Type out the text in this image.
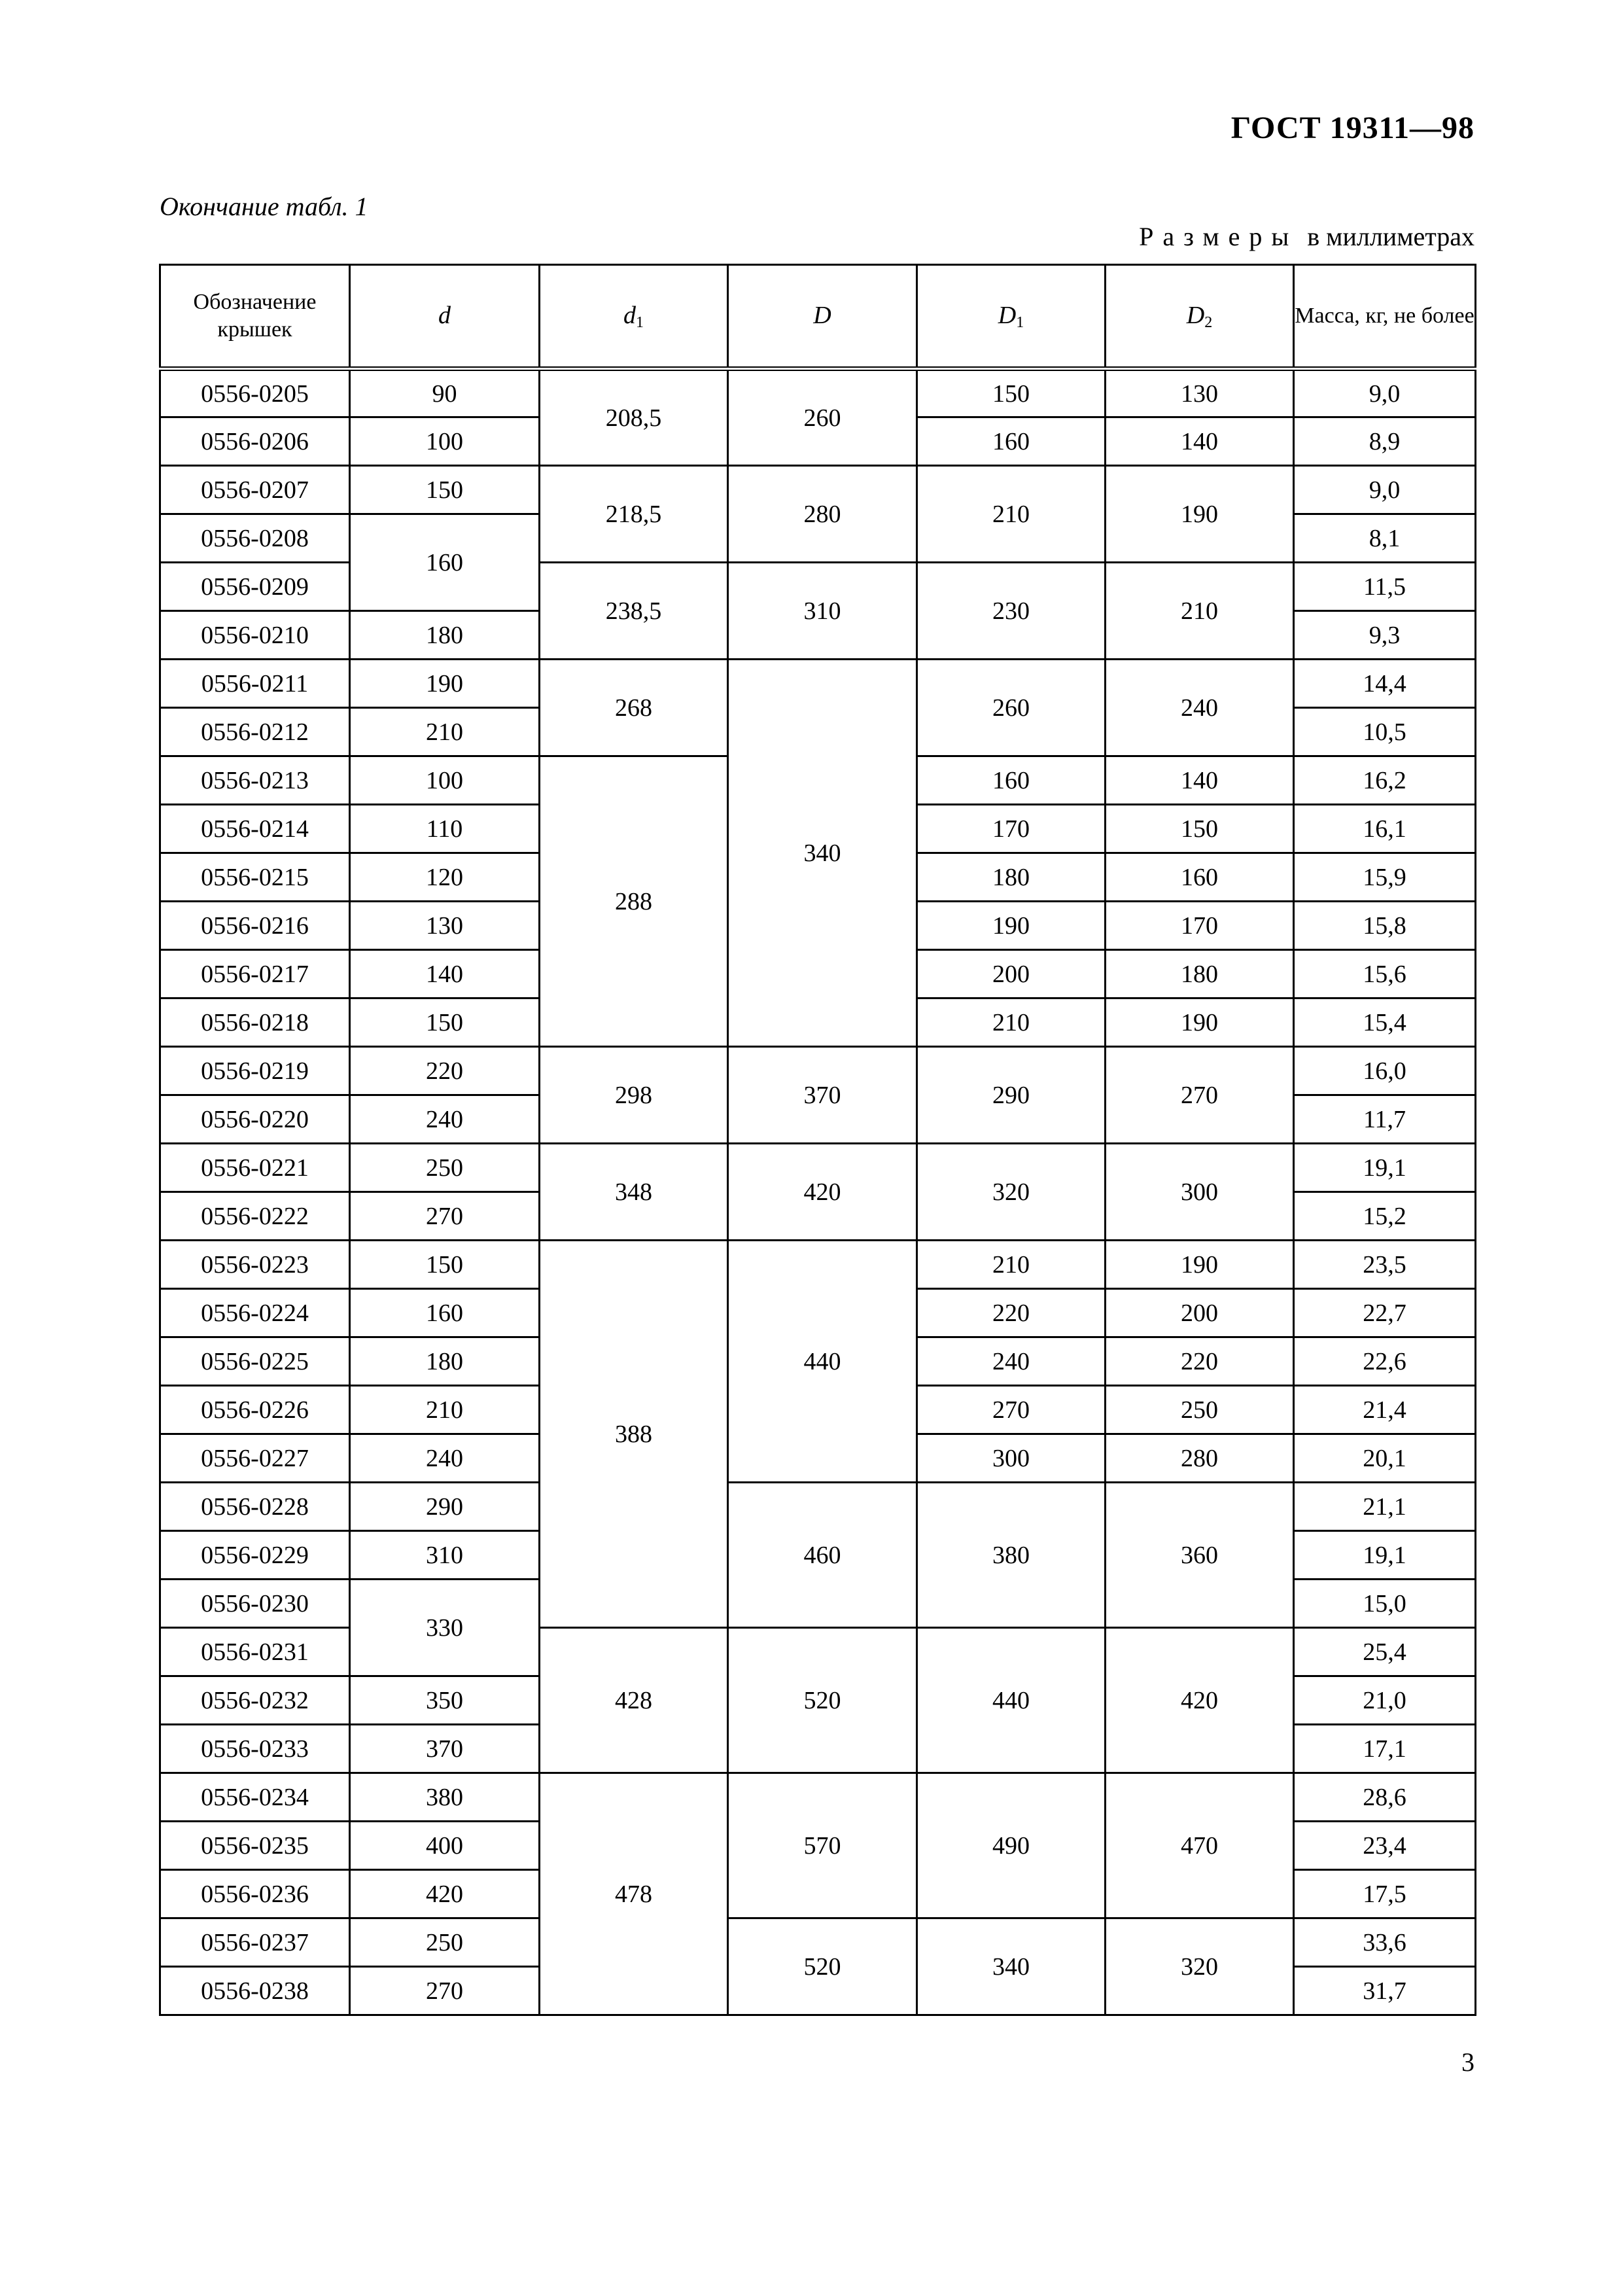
ГОСТ 19311—98
Окончание табл. 1
Размеры в миллиметрах
Обозначение крышек	d	$d_1$	D	$D_1$	$D_2$	Масса, кг, не более
0556-0205	90	208,5	260	150	130	9,0
0556-0206	100			160	140	8,9
0556-0207	150	218,5	280	210	190	9,0
0556-0208	160					8,1
0556-0209		238,5	310	230	210	11,5
0556-0210	180					9,3
0556-0211	190	268	340	260	240	14,4
0556-0212	210					10,5
0556-0213	100	288		160	140	16,2
0556-0214	110			170	150	16,1
0556-0215	120			180	160	15,9
0556-0216	130			190	170	15,8
0556-0217	140			200	180	15,6
0556-0218	150			210	190	15,4
0556-0219	220	298	370	290	270	16,0
0556-0220	240					11,7
0556-0221	250	348	420	320	300	19,1
0556-0222	270					15,2
0556-0223	150	388	440	210	190	23,5
0556-0224	160			220	200	22,7
0556-0225	180			240	220	22,6
0556-0226	210			270	250	21,4
0556-0227	240			300	280	20,1
0556-0228	290		460	380	360	21,1
0556-0229	310					19,1
0556-0230	330					15,0
0556-0231		428	520	440	420	25,4
0556-0232	350					21,0
0556-0233	370					17,1
0556-0234	380	478	570	490	470	28,6
0556-0235	400					23,4
0556-0236	420					17,5
0556-0237	250		520	340	320	33,6
0556-0238	270					31,7
3
